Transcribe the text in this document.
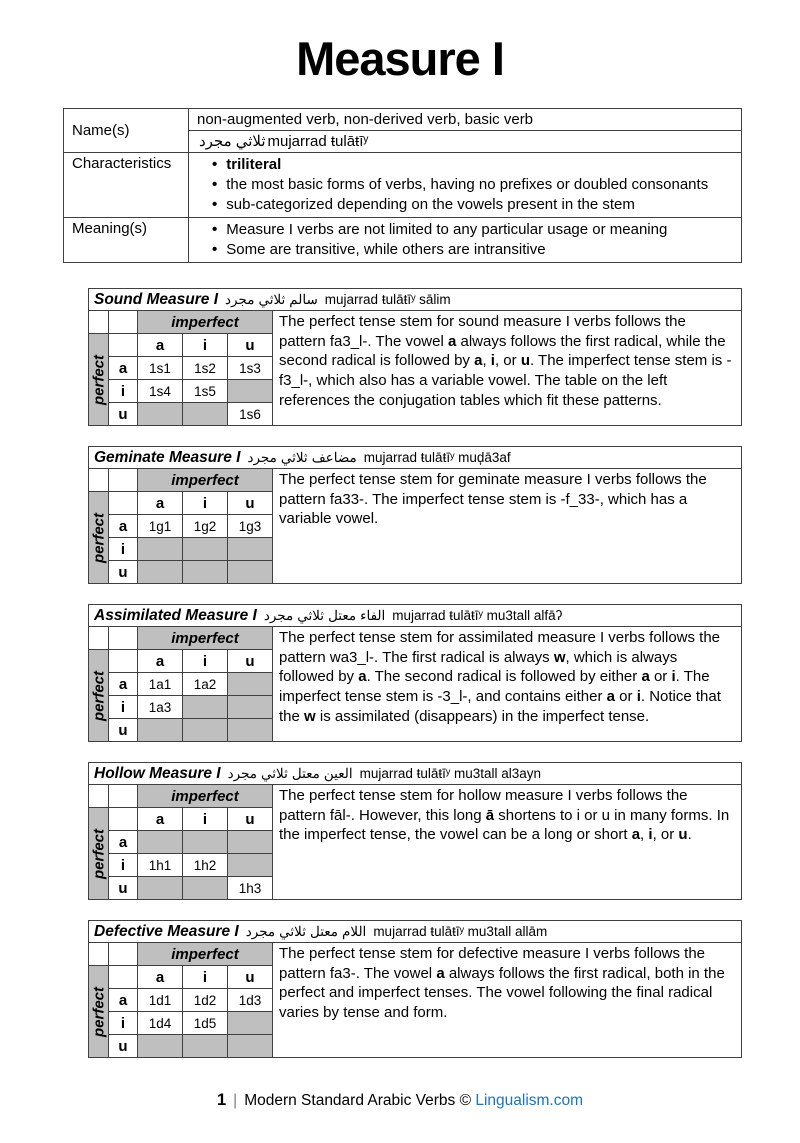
Measure I
Name(s)	non-augmented verb, non-derived verb, basic verb
	مجرد ثلاثي mujarrad ŧulāŧīʸ
Characteristics	
•triliteral
• the most basic forms of verbs, having no prefixes or doubled consonants
• sub-categorized depending on the vowels present in the stem

Meaning(s)	
•Measure I verbs are not limited to any particular usage or meaning
• Some are transitive, while others are intransitive
Sound Measure I مجرد ثلاثي سالم mujarrad ŧulāŧīʸ sālim
		imperfect		

perfect		a	i	u
	a	1s1	1s2	1s3
	i	1s4	1s5	
	u			1s6
The perfect tense stem for sound measure I verbs follows the pattern fa3_l-. The vowel a always follows the first radical, while the second radical is followed by a, i, or u. The imperfect tense stem is -f3_l-, which also has a variable vowel. The table on the left references the conjugation tables which fit these patterns.
Geminate Measure I مجرد ثلاثي مضاعف mujarrad ŧulāŧīʸ muḑā3af
		imperfect		

perfect		a	i	u
	a	1g1	1g2	1g3
	i			
	u			
The perfect tense stem for geminate measure I verbs follows the pattern fa33-. The imperfect tense stem is -f_33-, which has a variable vowel.
Assimilated Measure I مجرد ثلاثي معتل الفاء mujarrad ŧulāŧīʸ mu3tall alfāʔ
		imperfect		

perfect		a	i	u
	a	1a1	1a2	
	i	1a3		
	u			
The perfect tense stem for assimilated measure I verbs follows the pattern wa3_l-. The first radical is always w, which is always followed by a. The second radical is followed by either a or i. The imperfect tense stem is -3_l-, and contains either a or i. Notice that the w is assimilated (disappears) in the imperfect tense.
Hollow Measure I مجرد ثلاثي معتل العين mujarrad ŧulāŧīʸ mu3tall al3ayn
		imperfect		

perfect		a	i	u
	a			
	i	1h1	1h2	
	u			1h3
The perfect tense stem for hollow measure I verbs follows the pattern fāl-. However, this long ā shortens to i or u in many forms. In the imperfect tense, the vowel can be a long or short a, i, or u.
Defective Measure I مجرد ثلاثي معتل اللام mujarrad ŧulāŧīʸ mu3tall allām
		imperfect		

perfect		a	i	u
	a	1d1	1d2	1d3
	i	1d4	1d5	
	u			
The perfect tense stem for defective measure I verbs follows the pattern fa3-. The vowel a always follows the first radical, both in the perfect and imperfect tenses. The vowel following the final radical varies by tense and form.
1 | Modern Standard Arabic Verbs © Lingualism.com
